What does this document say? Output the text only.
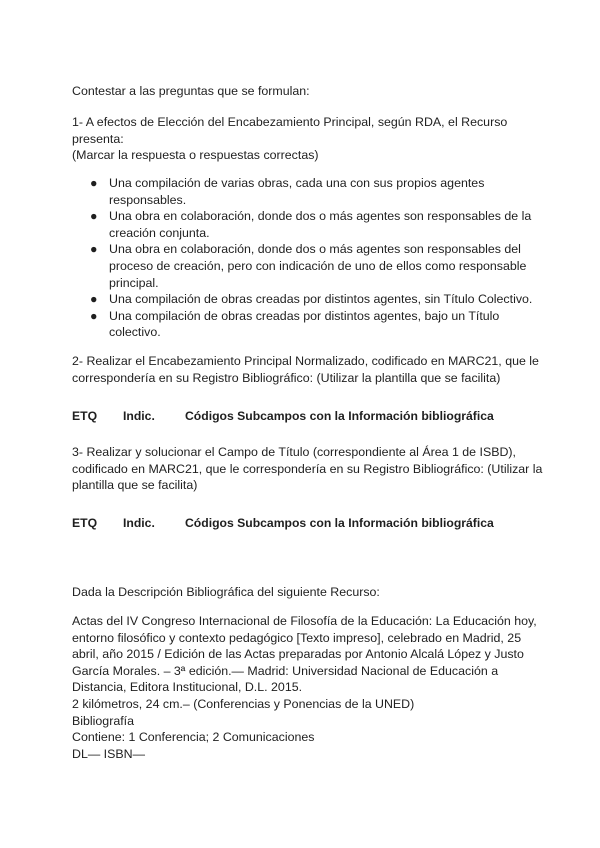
Contestar a las preguntas que se formulan:

1- A efectos de Elección del Encabezamiento Principal, según RDA, el Recurso
presenta:
(Marcar la respuesta o respuestas correctas)
● Una compilación de varias obras, cada una con sus propios agentes
responsables.
● Una obra en colaboración, donde dos o más agentes son responsables de la
creación conjunta.
● Una obra en colaboración, donde dos o más agentes son responsables del
proceso de creación, pero con indicación de uno de ellos como responsable
principal.
● Una compilación de obras creadas por distintos agentes, sin Título Colectivo.
● Una compilación de obras creadas por distintos agentes, bajo un Título
colectivo.
2- Realizar el Encabezamiento Principal Normalizado, codificado en MARC21, que le
correspondería en su Registro Bibliográfico: (Utilizar la plantilla que se facilita)
ETQ Indic. Códigos Subcampos con la Información bibliográfica
3- Realizar y solucionar el Campo de Título (correspondiente al Área 1 de ISBD),
codificado en MARC21, que le correspondería en su Registro Bibliográfico: (Utilizar la
plantilla que se facilita)
ETQ Indic. Códigos Subcampos con la Información bibliográfica

Dada la Descripción Bibliográfica del siguiente Recurso:

Actas del IV Congreso Internacional de Filosofía de la Educación: La Educación hoy,
entorno filosófico y contexto pedagógico [Texto impreso], celebrado en Madrid, 25
abril, año 2015 / Edición de las Actas preparadas por Antonio Alcalá López y Justo
García Morales. – 3ª edición.— Madrid: Universidad Nacional de Educación a
Distancia, Editora Institucional, D.L. 2015.
2 kilómetros, 24 cm.– (Conferencias y Ponencias de la UNED)
Bibliografía
Contiene: 1 Conferencia; 2 Comunicaciones
DL— ISBN—
